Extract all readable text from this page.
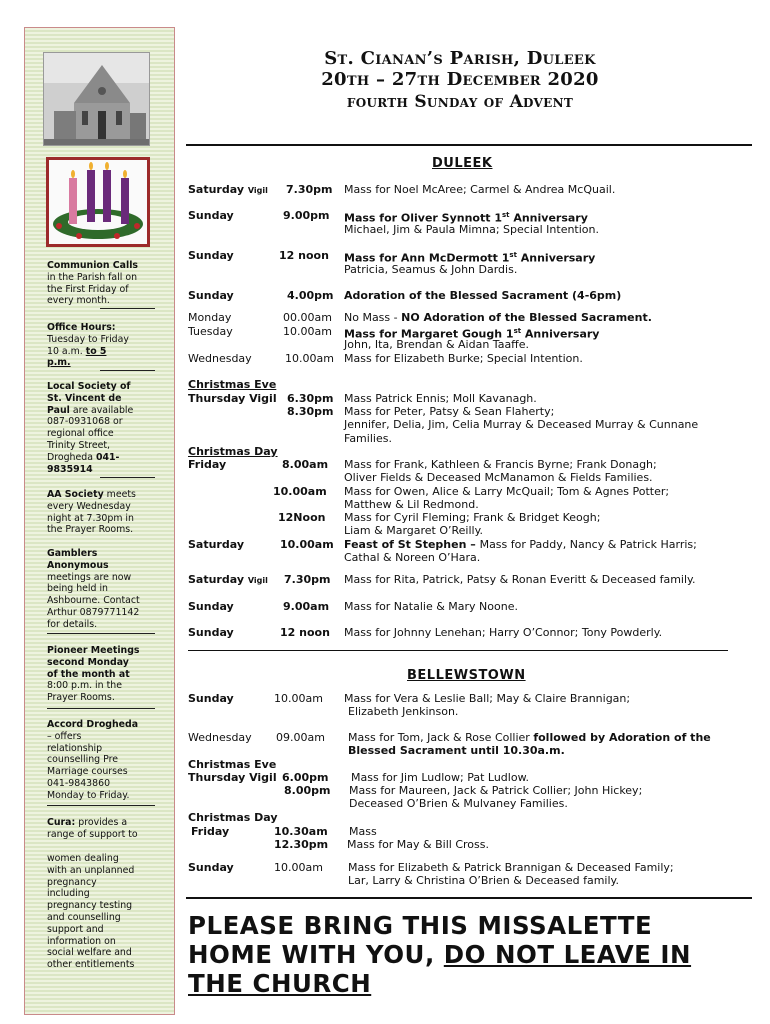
Communion Calls
in the Parish fall on
the First Friday of
every month.
Office Hours:
Tuesday to Friday
10 a.m. to 5
p.m.
Local Society of
St. Vincent de
Paul are available
087-0931068 or
regional office
Trinity Street,
Drogheda 041-
9835914
AA Society meets
every Wednesday
night at 7.30pm in
the Prayer Rooms.
Gamblers
Anonymous
meetings are now
being held in
Ashbourne. Contact
Arthur 0879771142
for details.
Pioneer Meetings
second Monday
of the month at
8:00 p.m. in the
Prayer Rooms.
Accord Drogheda
– offers
relationship
counselling Pre
Marriage courses
041-9843860
Monday to Friday.
Cura: provides a
range of support to
women dealing
with an unplanned
pregnancy
including
pregnancy testing
and counselling
support and
information on
social welfare and
other entitlements
St. Cianan’s Parish, Duleek
20th – 27th December 2020
fourth Sunday of Advent
DULEEK
Saturday Vigil 7.30pm Mass for Noel McAree; Carmel & Andrea McQuail.
Sunday	9.00pm Mass for Oliver Synnott 1st Anniversary
Michael, Jim & Paula Mimna; Special Intention.
Sunday	12 noon Mass for Ann McDermott 1st Anniversary
Patricia, Seamus & John Dardis.
Sunday	4.00pm Adoration of the Blessed Sacrament (4-6pm)
Monday	00.00am No Mass - NO Adoration of the Blessed Sacrament.
Tuesday	10.00am Mass for Margaret Gough 1st Anniversary
John, Ita, Brendan & Aidan Taaffe.
Wednesday	10.00am Mass for Elizabeth Burke; Special Intention.
Christmas Eve
Thursday Vigil 6.30pm Mass Patrick Ennis; Moll Kavanagh.
8.30pm Mass for Peter, Patsy & Sean Flaherty;
Jennifer, Delia, Jim, Celia Murray & Deceased Murray & Cunnane
Families.
Christmas Day
Friday	8.00am Mass for Frank, Kathleen & Francis Byrne; Frank Donagh;
Oliver Fields & Deceased McManamon & Fields Families.
10.00am Mass for Owen, Alice & Larry McQuail; Tom & Agnes Potter;
Matthew & Lil Redmond.
12Noon Mass for Cyril Fleming; Frank & Bridget Keogh;
Liam & Margaret O’Reilly.
Saturday	10.00am Feast of St Stephen – Mass for Paddy, Nancy & Patrick Harris;
Cathal & Noreen O’Hara.
Saturday Vigil 7.30pm Mass for Rita, Patrick, Patsy & Ronan Everitt & Deceased family.
Sunday	9.00am Mass for Natalie & Mary Noone.
Sunday	12 noon Mass for Johnny Lenehan; Harry O’Connor; Tony Powderly.
BELLEWSTOWN
Sunday	10.00am Mass for Vera & Leslie Ball; May & Claire Brannigan;
Elizabeth Jenkinson.
Wednesday 09.00am Mass for Tom, Jack & Rose Collier followed by Adoration of the
Blessed Sacrament until 10.30a.m.
Christmas Eve
Thursday Vigil 6.00pm Mass for Jim Ludlow; Pat Ludlow.
8.00pm Mass for Maureen, Jack & Patrick Collier; John Hickey;
Deceased O’Brien & Mulvaney Families.
Christmas Day
Friday	10.30am Mass
12.30pm Mass for May & Bill Cross.
Sunday	10.00am Mass for Elizabeth & Patrick Brannigan & Deceased Family;
Lar, Larry & Christina O’Brien & Deceased family.
PLEASE BRING THIS MISSALETTE
HOME WITH YOU, DO NOT LEAVE IN
THE CHURCH
